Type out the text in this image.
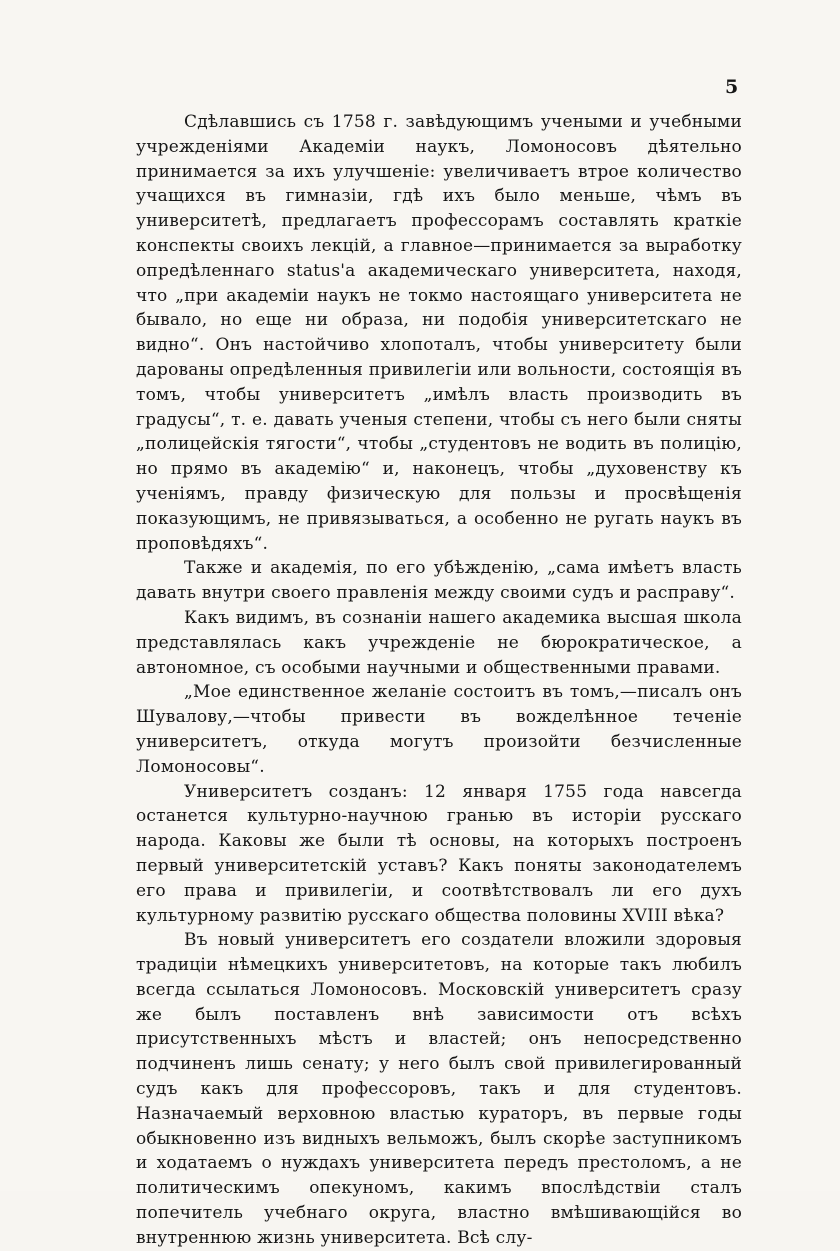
5

Сдѣлавшись съ 1758 г. завѣдующимъ учеными и учебными учрежденіями Академіи наукъ, Ломоносовъ дѣятельно принимается за ихъ улучшеніе: увеличиваетъ втрое количество учащихся въ гимназіи, гдѣ ихъ было меньше, чѣмъ въ университетѣ, предлагаетъ профессорамъ составлять краткіе конспекты своихъ лекцій, а главное—принимается за выработку опредѣленнаго status'а академическаго университета, находя, что „при академіи наукъ не токмо настоящаго университета не бывало, но еще ни образа, ни подобія университетскаго не видно“. Онъ настойчиво хлопоталъ, чтобы университету были дарованы опредѣленныя привилегіи или вольности, состоящія въ томъ, чтобы университетъ „имѣлъ власть производить въ градусы“, т. е. давать ученыя степени, чтобы съ него были сняты „полицейскія тягости“, чтобы „студентовъ не водить въ полицію, но прямо въ академію“ и, наконецъ, чтобы „духовенству къ ученіямъ, правду физическую для пользы и просвѣщенія показующимъ, не привязываться, а особенно не ругать наукъ въ проповѣдяхъ“.

Также и академія, по его убѣжденію, „сама имѣетъ власть давать внутри своего правленія между своими судъ и расправу“.

Какъ видимъ, въ сознаніи нашего академика высшая школа представлялась какъ учрежденіе не бюрократическое, а автономное, съ особыми научными и общественными правами.

„Мое единственное желаніе состоитъ въ томъ,—писалъ онъ Шувалову,—чтобы привести въ вожделѣнное теченіе университетъ, откуда могутъ произойти безчисленные Ломоносовы“.

Университетъ созданъ: 12 января 1755 года навсегда останется культурно-научною гранью въ исторіи русскаго народа. Каковы же были тѣ основы, на которыхъ построенъ первый университетскій уставъ? Какъ поняты законодателемъ его права и привилегіи, и соотвѣтствовалъ ли его духъ культурному развитію русскаго общества половины XVIII вѣка?

Въ новый университетъ его создатели вложили здоровыя традиціи нѣмецкихъ университетовъ, на которые такъ любилъ всегда ссылаться Ломоносовъ. Московскій университетъ сразу же былъ поставленъ внѣ зависимости отъ всѣхъ присутственныхъ мѣстъ и властей; онъ непосредственно подчиненъ лишь сенату; у него былъ свой привилегированный судъ какъ для профессоровъ, такъ и для студентовъ. Назначаемый верховною властью кураторъ, въ первые годы обыкновенно изъ видныхъ вельможъ, былъ скорѣе заступникомъ и ходатаемъ о нуждахъ университета передъ престоломъ, а не политическимъ опекуномъ, какимъ впослѣдствіи сталъ попечитель учебнаго округа, властно вмѣшивающійся во внутреннюю жизнь университета. Всѣ слу-
